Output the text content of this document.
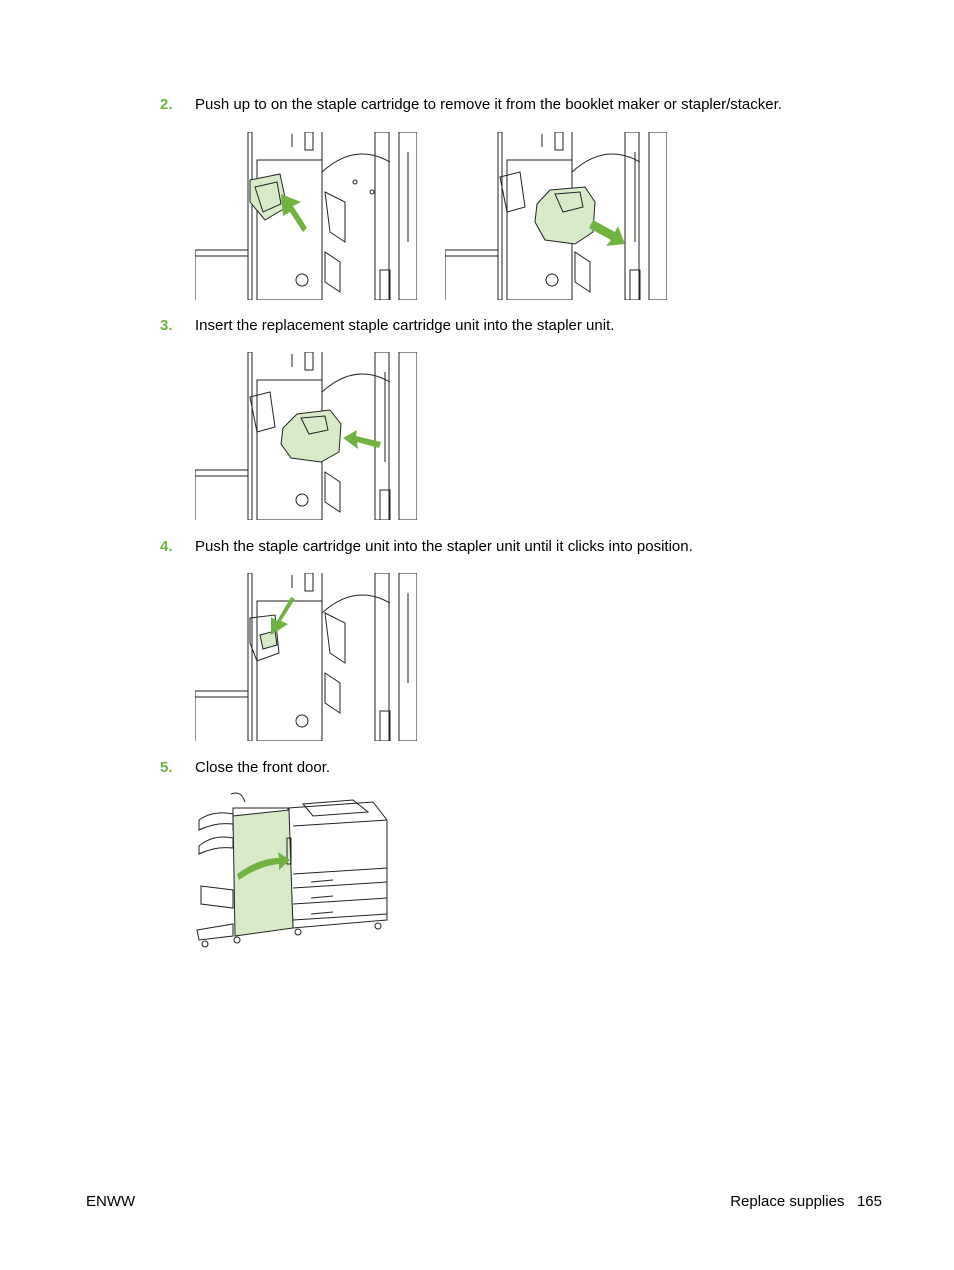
2. Push up to on the staple cartridge to remove it from the booklet maker or stapler/stacker.
3. Insert the replacement staple cartridge unit into the stapler unit.
4. Push the staple cartridge unit into the stapler unit until it clicks into position.
5. Close the front door.
ENWW	Replace supplies 165
